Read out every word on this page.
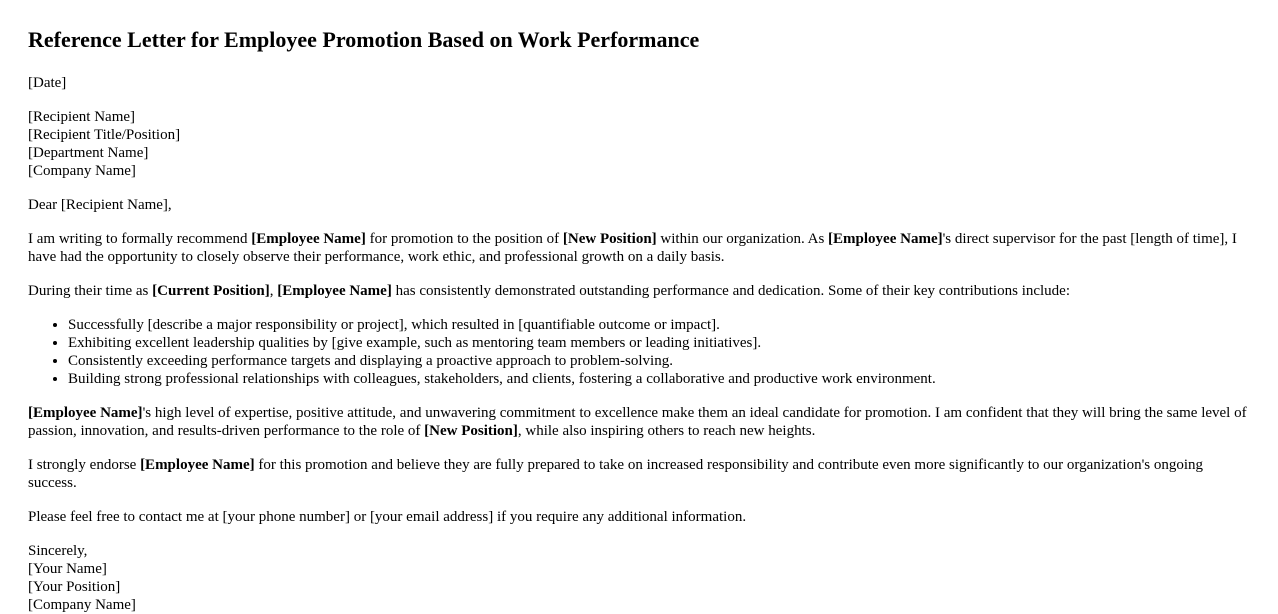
Reference Letter for Employee Promotion Based on Work Performance

[Date]

[Recipient Name]
[Recipient Title/Position]
[Department Name]
[Company Name]

Dear [Recipient Name],

I am writing to formally recommend [Employee Name] for promotion to the position of [New Position] within our organization. As [Employee Name]'s direct supervisor for the past [length of time], I have had the opportunity to closely observe their performance, work ethic, and professional growth on a daily basis.

During their time as [Current Position], [Employee Name] has consistently demonstrated outstanding performance and dedication. Some of their key contributions include:

• Successfully [describe a major responsibility or project], which resulted in [quantifiable outcome or impact].
• Exhibiting excellent leadership qualities by [give example, such as mentoring team members or leading initiatives].
• Consistently exceeding performance targets and displaying a proactive approach to problem-solving.
• Building strong professional relationships with colleagues, stakeholders, and clients, fostering a collaborative and productive work environment.

[Employee Name]'s high level of expertise, positive attitude, and unwavering commitment to excellence make them an ideal candidate for promotion. I am confident that they will bring the same level of passion, innovation, and results-driven performance to the role of [New Position], while also inspiring others to reach new heights.

I strongly endorse [Employee Name] for this promotion and believe they are fully prepared to take on increased responsibility and contribute even more significantly to our organization's ongoing success.

Please feel free to contact me at [your phone number] or [your email address] if you require any additional information.

Sincerely,
[Your Name]
[Your Position]
[Company Name]
